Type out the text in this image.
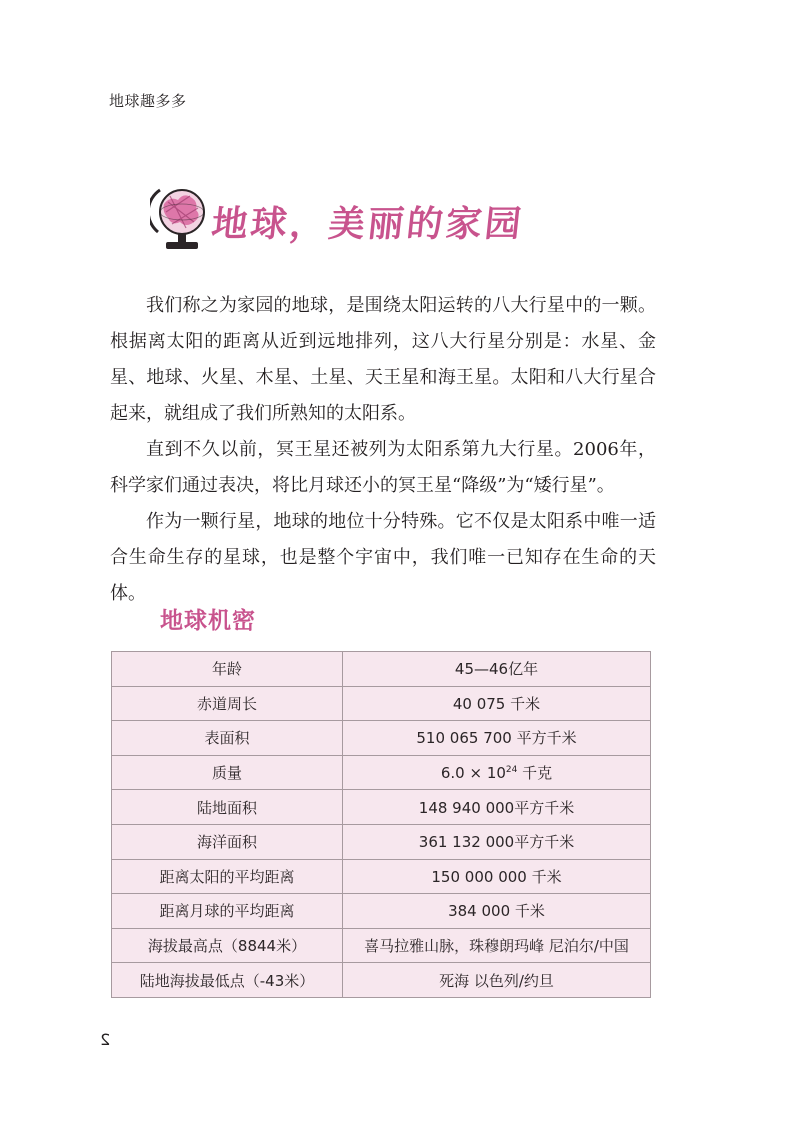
地球趣多多
地球，美丽的家园

我们称之为家园的地球，是围绕太阳运转的八大行星中的一颗。根据离太阳的距离从近到远地排列，这八大行星分别是：水星、金星、地球、火星、木星、土星、天王星和海王星。太阳和八大行星合起来，就组成了我们所熟知的太阳系。

直到不久以前，冥王星还被列为太阳系第九大行星。2006年，科学家们通过表决，将比月球还小的冥王星“降级”为“矮行星”。

作为一颗行星，地球的地位十分特殊。它不仅是太阳系中唯一适合生命生存的星球，也是整个宇宙中，我们唯一已知存在生命的天体。

地球机密
年龄	45—46亿年
赤道周长	40 075 千米
表面积	510 065 700 平方千米
质量	$6.0 \times 10^{24}$ 千克
陆地面积	148 940 000平方千米
海洋面积	361 132 000平方千米
距离太阳的平均距离	150 000 000 千米
距离月球的平均距离	384 000 千米
海拔最高点（8844米）	喜马拉雅山脉，珠穆朗玛峰 尼泊尔/中国
陆地海拔最低点（-43米）	死海 以色列/约旦
2
